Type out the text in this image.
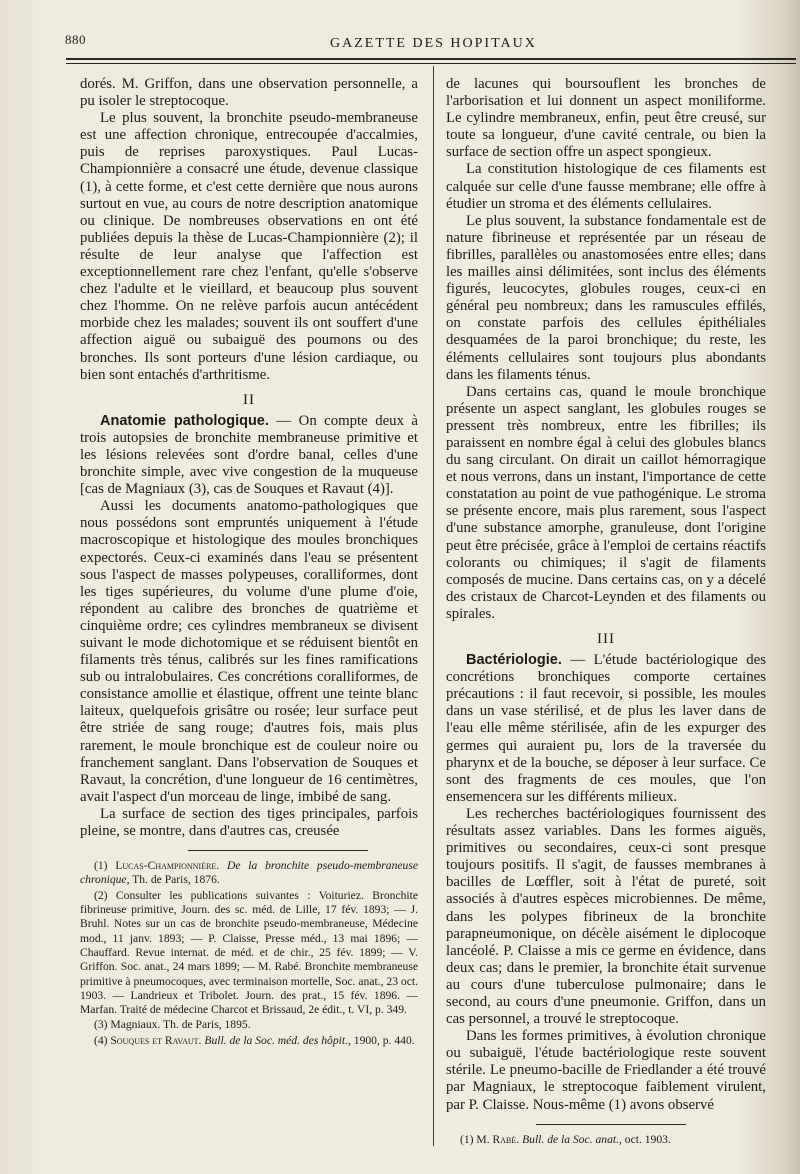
880	GAZETTE DES HOPITAUX

dorés. M. Griffon, dans une observation personnelle, a pu isoler le streptocoque.

Le plus souvent, la bronchite pseudo-membraneuse est une affection chronique, entrecoupée d'accalmies, puis de reprises paroxystiques. Paul Lucas-Championnière a consacré une étude, devenue classique (1), à cette forme, et c'est cette dernière que nous aurons surtout en vue, au cours de notre description anatomique ou clinique. De nombreuses observations en ont été publiées depuis la thèse de Lucas-Championnière (2); il résulte de leur analyse que l'affection est exceptionnellement rare chez l'enfant, qu'elle s'observe chez l'adulte et le vieillard, et beaucoup plus souvent chez l'homme. On ne relève parfois aucun antécédent morbide chez les malades; souvent ils ont souffert d'une affection aiguë ou subaiguë des poumons ou des bronches. Ils sont porteurs d'une lésion cardiaque, ou bien sont entachés d'arthritisme.

II

Anatomie pathologique. — On compte deux à trois autopsies de bronchite membraneuse primitive et les lésions relevées sont d'ordre banal, celles d'une bronchite simple, avec vive congestion de la muqueuse [cas de Magniaux (3), cas de Souques et Ravaut (4)].

Aussi les documents anatomo-pathologiques que nous possédons sont empruntés uniquement à l'étude macroscopique et histologique des moules bronchiques expectorés. Ceux-ci examinés dans l'eau se présentent sous l'aspect de masses polypeuses, coralliformes, dont les tiges supérieures, du volume d'une plume d'oie, répondent au calibre des bronches de quatrième et cinquième ordre; ces cylindres membraneux se divisent suivant le mode dichotomique et se réduisent bientôt en filaments très ténus, calibrés sur les fines ramifications sub ou intralobulaires. Ces concrétions coralliformes, de consistance amollie et élastique, offrent une teinte blanc laiteux, quelquefois grisâtre ou rosée; leur surface peut être striée de sang rouge; d'autres fois, mais plus rarement, le moule bronchique est de couleur noire ou franchement sanglant. Dans l'observation de Souques et Ravaut, la concrétion, d'une longueur de 16 centimètres, avait l'aspect d'un morceau de linge, imbibé de sang.

La surface de section des tiges principales, parfois pleine, se montre, dans d'autres cas, creusée

(1) Lucas-Championnière. De la bronchite pseudo-membraneuse chronique, Th. de Paris, 1876.

(2) Consulter les publications suivantes : Voituriez. Bronchite fibrineuse primitive, Journ. des sc. méd. de Lille, 17 fév. 1893; — J. Bruhl. Notes sur un cas de bronchite pseudo-membraneuse, Médecine mod., 11 janv. 1893; — P. Claisse, Presse méd., 13 mai 1896; — Chauffard. Revue internat. de méd. et de chir., 25 fév. 1899; — V. Griffon. Soc. anat., 24 mars 1899; — M. Rabé. Bronchite membraneuse primitive à pneumocoques, avec terminaison mortelle, Soc. anat., 23 oct. 1903. — Landrieux et Tribolet. Journ. des prat., 15 fév. 1896. — Marfan. Traité de médecine Charcot et Brissaud, 2e édit., t. VI, p. 349.

(3) Magniaux. Th. de Paris, 1895.

(4) Souques et Ravaut. Bull. de la Soc. méd. des hôpit., 1900, p. 440.

de lacunes qui boursouflent les bronches de l'arborisation et lui donnent un aspect moniliforme. Le cylindre membraneux, enfin, peut être creusé, sur toute sa longueur, d'une cavité centrale, ou bien la surface de section offre un aspect spongieux.

La constitution histologique de ces filaments est calquée sur celle d'une fausse membrane; elle offre à étudier un stroma et des éléments cellulaires.

Le plus souvent, la substance fondamentale est de nature fibrineuse et représentée par un réseau de fibrilles, parallèles ou anastomosées entre elles; dans les mailles ainsi délimitées, sont inclus des éléments figurés, leucocytes, globules rouges, ceux-ci en général peu nombreux; dans les ramuscules effilés, on constate parfois des cellules épithéliales desquamées de la paroi bronchique; du reste, les éléments cellulaires sont toujours plus abondants dans les filaments ténus.

Dans certains cas, quand le moule bronchique présente un aspect sanglant, les globules rouges se pressent très nombreux, entre les fibrilles; ils paraissent en nombre égal à celui des globules blancs du sang circulant. On dirait un caillot hémorragique et nous verrons, dans un instant, l'importance de cette constatation au point de vue pathogénique. Le stroma se présente encore, mais plus rarement, sous l'aspect d'une substance amorphe, granuleuse, dont l'origine peut être précisée, grâce à l'emploi de certains réactifs colorants ou chimiques; il s'agit de filaments composés de mucine. Dans certains cas, on y a décelé des cristaux de Charcot-Leynden et des filaments ou spirales.

III

Bactériologie. — L'étude bactériologique des concrétions bronchiques comporte certaines précautions : il faut recevoir, si possible, les moules dans un vase stérilisé, et de plus les laver dans de l'eau elle même stérilisée, afin de les expurger des germes qui auraient pu, lors de la traversée du pharynx et de la bouche, se déposer à leur surface. Ce sont des fragments de ces moules, que l'on ensemencera sur les différents milieux.

Les recherches bactériologiques fournissent des résultats assez variables. Dans les formes aiguës, primitives ou secondaires, ceux-ci sont presque toujours positifs. Il s'agit, de fausses membranes à bacilles de Lœffler, soit à l'état de pureté, soit associés à d'autres espèces microbiennes. De même, dans les polypes fibrineux de la bronchite parapneumonique, on décèle aisément le diplocoque lancéolé. P. Claisse a mis ce germe en évidence, dans deux cas; dans le premier, la bronchite était survenue au cours d'une tuberculose pulmonaire; dans le second, au cours d'une pneumonie. Griffon, dans un cas personnel, a trouvé le streptocoque.

Dans les formes primitives, à évolution chronique ou subaiguë, l'étude bactériologique reste souvent stérile. Le pneumo-bacille de Friedlander a été trouvé par Magniaux, le streptocoque faiblement virulent, par P. Claisse. Nous-même (1) avons observé

(1) M. Rabé. Bull. de la Soc. anat., oct. 1903.
